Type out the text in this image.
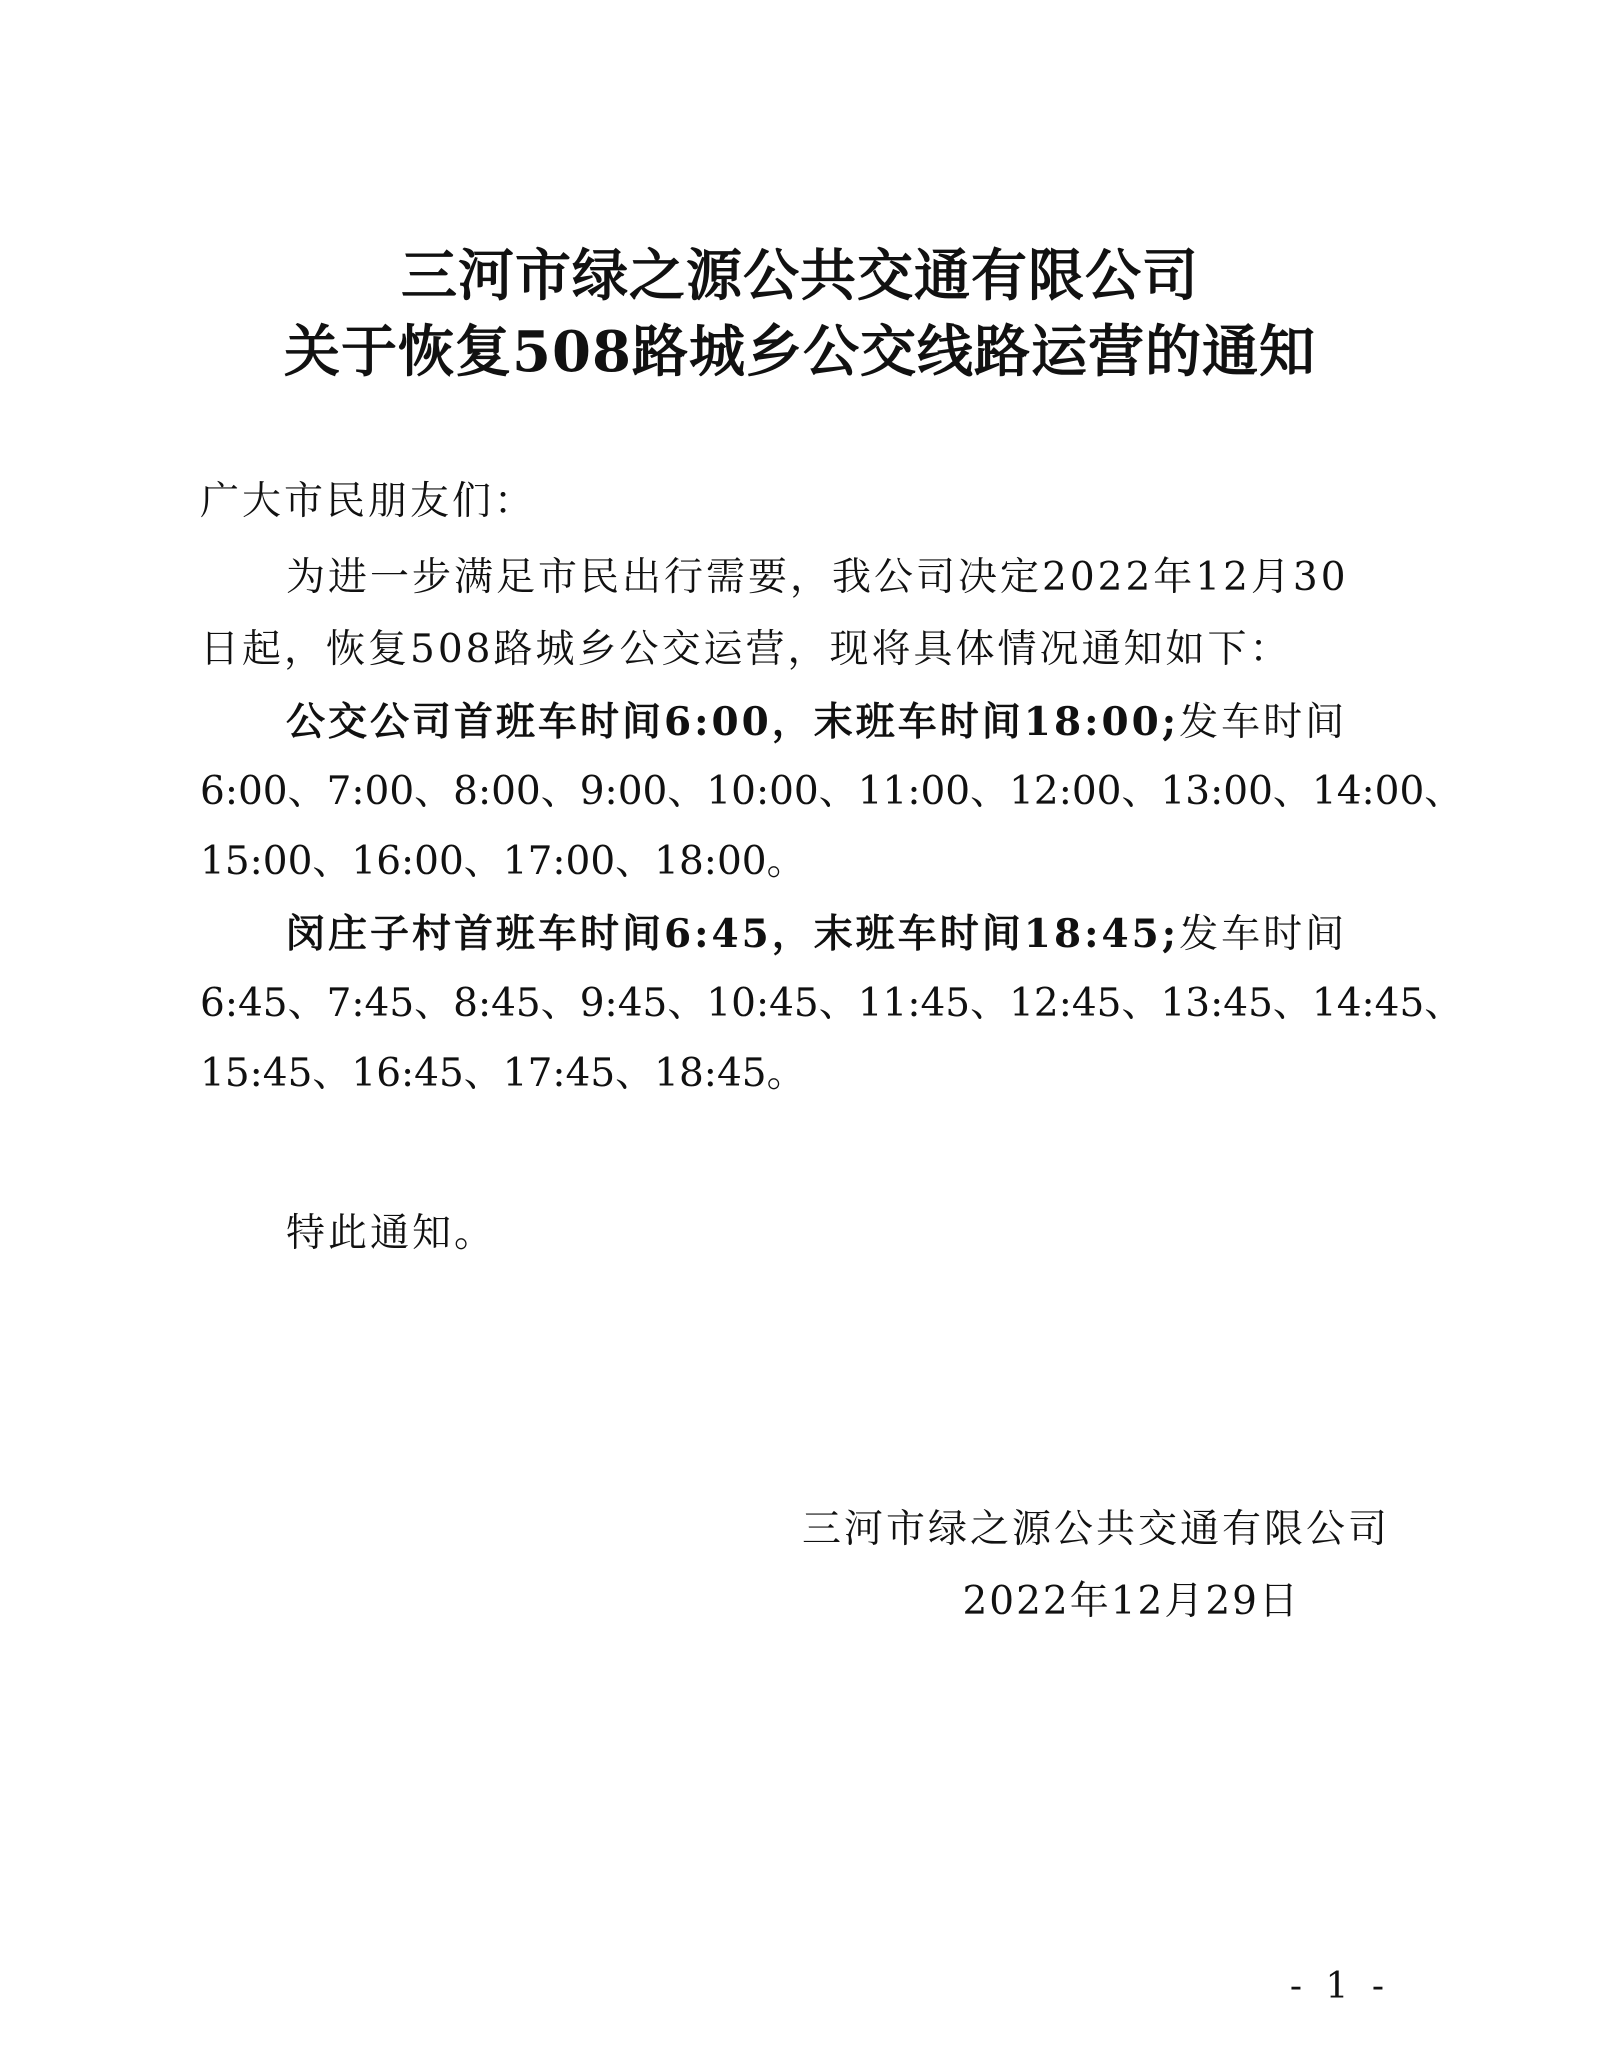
三河市绿之源公共交通有限公司
关于恢复508路城乡公交线路运营的通知
广大市民朋友们：
为进一步满足市民出行需要，我公司决定2022年12月30
日起，恢复508路城乡公交运营，现将具体情况通知如下：
公交公司首班车时间6:00，末班车时间18:00;发车时间
6:00、7:00、8:00、9:00、10:00、11:00、12:00、13:00、14:00、
15:00、16:00、17:00、18:00。
闵庄子村首班车时间6:45，末班车时间18:45;发车时间
6:45、7:45、8:45、9:45、10:45、11:45、12:45、13:45、14:45、
15:45、16:45、17:45、18:45。
特此通知。
三河市绿之源公共交通有限公司
2022年12月29日
- 1 -
